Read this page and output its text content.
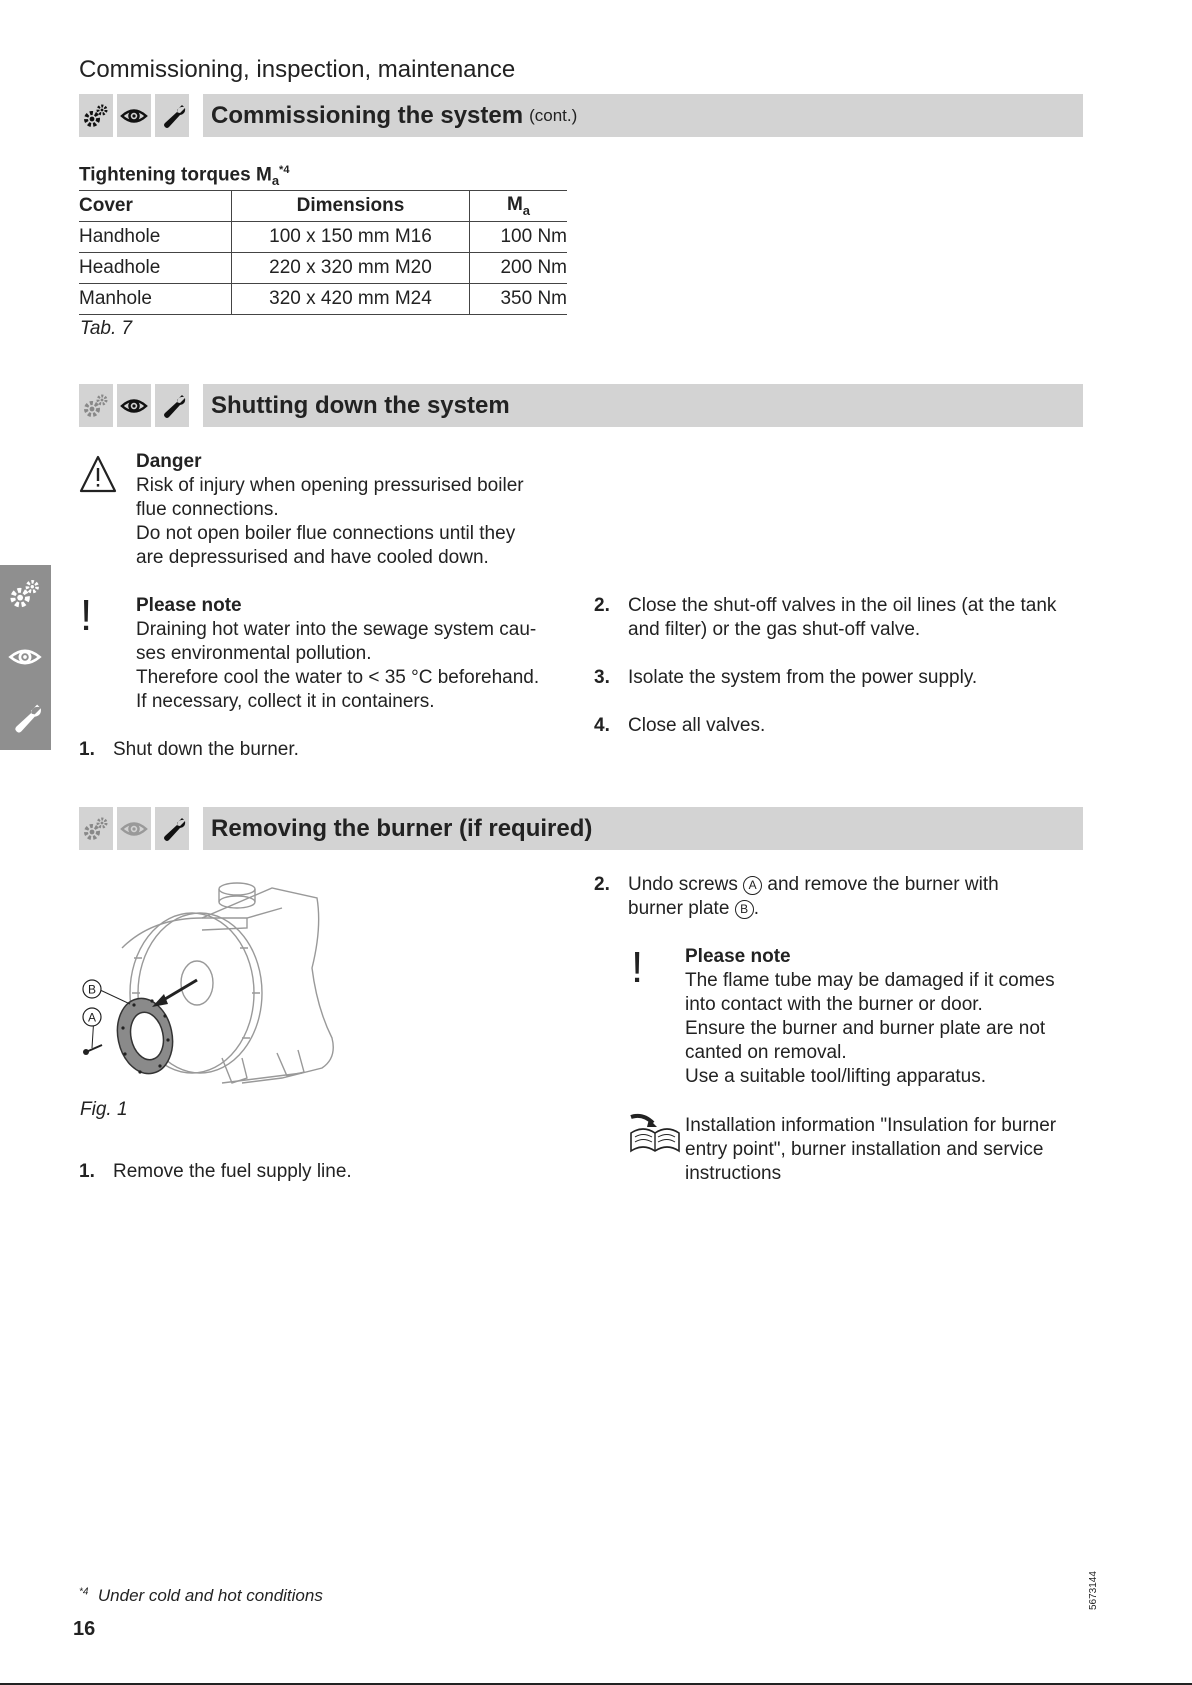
Commissioning, inspection, maintenance
Commissioning the system (cont.)
Tightening torques $M_a^{*4}$
Cover	Dimensions	$M_a$
Handhole	100 x 150 mm M16	100 Nm
Headhole	220 x 320 mm M20	200 Nm
Manhole	320 x 420 mm M24	350 Nm
Tab. 7
Shutting down the system
Danger
Risk of injury when opening pressurised boiler
flue connections.
Do not open boiler flue connections until they
are depressurised and have cooled down.
! Please note
Draining hot water into the sewage system cau-
ses environmental pollution.
Therefore cool the water to < 35 °C beforehand.
If necessary, collect it in containers.
1. Shut down the burner.
2. Close the shut-off valves in the oil lines (at the tank and filter) or the gas shut-off valve.
3. Isolate the system from the power supply.
4. Close all valves.
Removing the burner (if required)
B
A
Fig. 1
1. Remove the fuel supply line.
2. Undo screws A and remove the burner with
burner plate B .
! Please note
The flame tube may be damaged if it comes
into contact with the burner or door.
Ensure the burner and burner plate are not
canted on removal.
Use a suitable tool/lifting apparatus.
Installation information "Insulation for burner
entry point", burner installation and service
instructions
$^{*4}$ Under cold and hot conditions
16
5673144
